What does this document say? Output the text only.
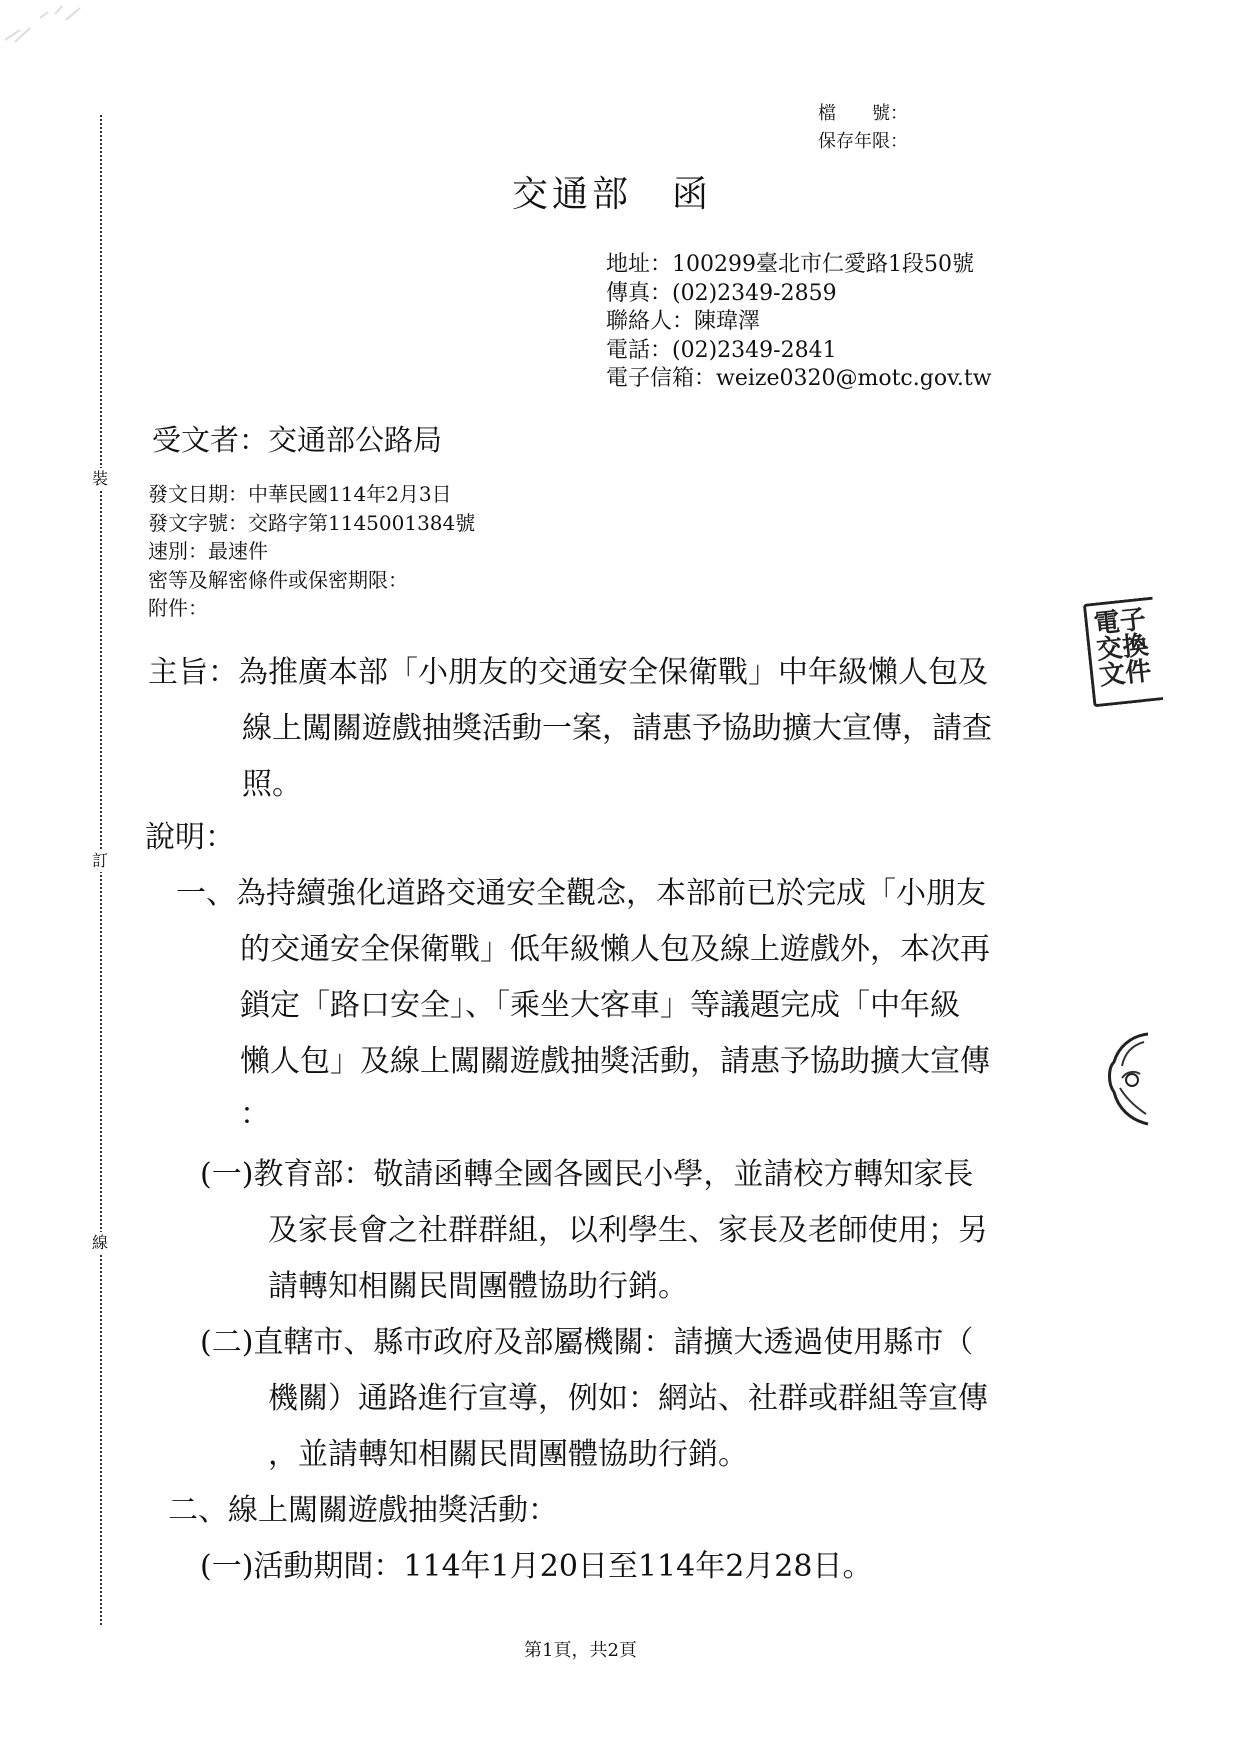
裝
訂
線
檔　　號：
保存年限：
交通部　函
地址：100299臺北市仁愛路1段50號
傳真：(02)2349-2859
聯絡人：陳瑋澤
電話：(02)2349-2841
電子信箱：weize0320@motc.gov.tw
受文者：交通部公路局
發文日期：中華民國114年2月3日
發文字號：交路字第1145001384號
速別：最速件
密等及解密條件或保密期限：
附件：
主旨：為推廣本部「小朋友的交通安全保衛戰」中年級懶人包及
線上闖關遊戲抽獎活動一案，請惠予協助擴大宣傳，請查
照。
說明：
一、為持續強化道路交通安全觀念，本部前已於完成「小朋友
的交通安全保衛戰」低年級懶人包及線上遊戲外，本次再
鎖定「路口安全」、「乘坐大客車」等議題完成「中年級
懶人包」及線上闖關遊戲抽獎活動，請惠予協助擴大宣傳
：
(一)教育部：敬請函轉全國各國民小學，並請校方轉知家長
及家長會之社群群組，以利學生、家長及老師使用；另
請轉知相關民間團體協助行銷。
(二)直轄市、縣市政府及部屬機關：請擴大透過使用縣市（
機關）通路進行宣導，例如：網站、社群或群組等宣傳
，並請轉知相關民間團體協助行銷。
二、線上闖關遊戲抽獎活動：
(一)活動期間：114年1月20日至114年2月28日。
電子交換文件
第1頁，共2頁
